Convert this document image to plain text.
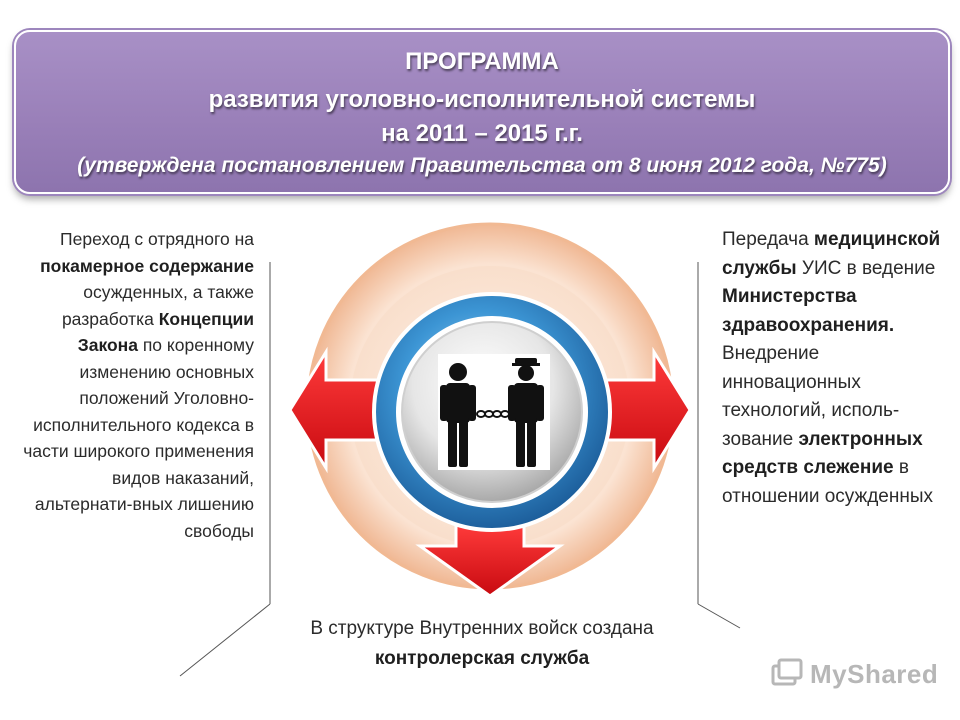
ПРОГРАММА
развития уголовно-исполнительной системы
на 2011 – 2015 г.г.
(утверждена постановлением Правительства от 8 июня 2012 года, №775)
Переход с отрядного на покамерное содержание осужденных, а также разработка Концепции Закона по коренному изменению основных положений Уголовно-исполнительного кодекса в части широкого применения видов наказаний, альтернати-вных лишению свободы
Передача медицинской службы УИС в ведение Министерства здравоохранения. Внедрение инновационных технологий, исполь-зование электронных средств слежение в отношении осужденных
В структуре Внутренних войск создана контролерская служба	MyShared
